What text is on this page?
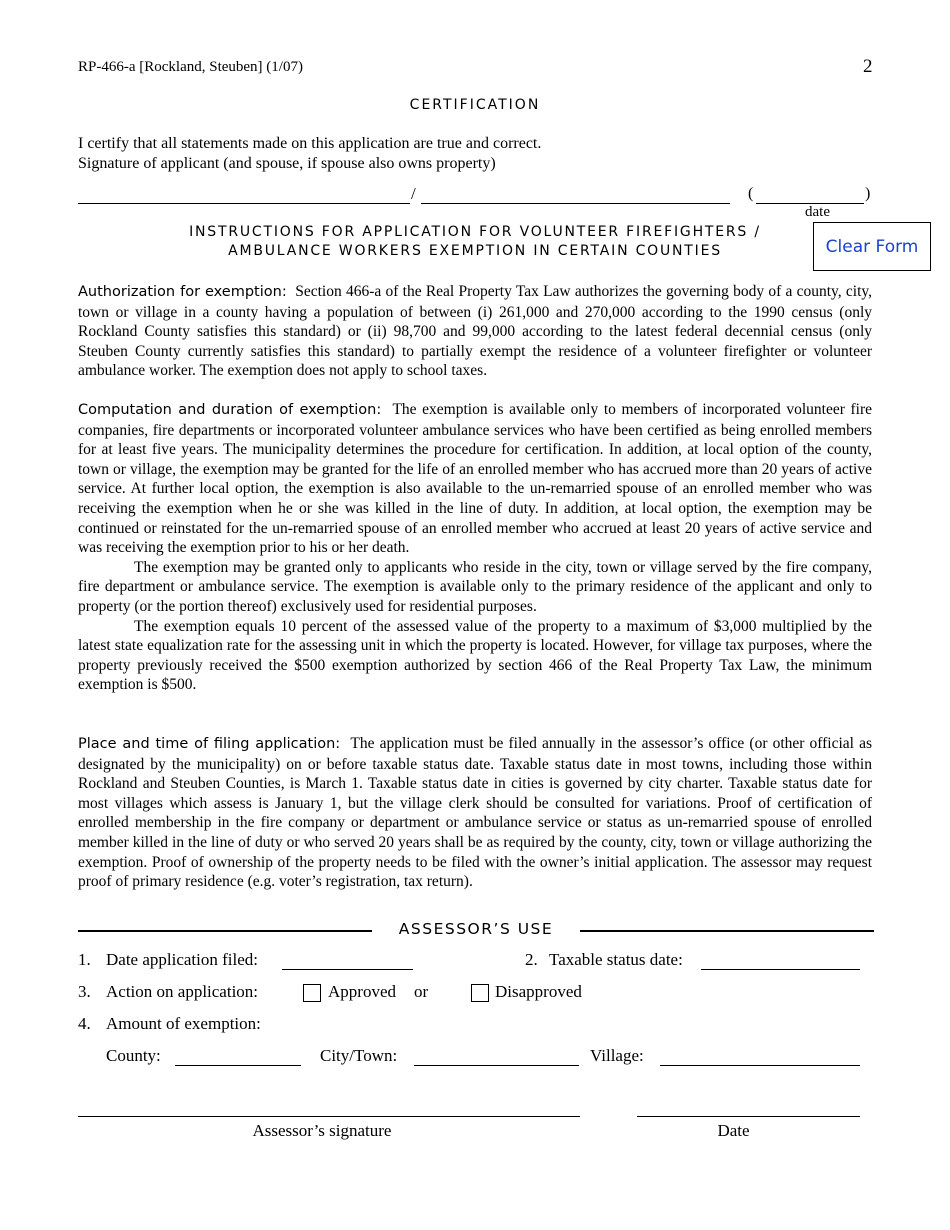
RP-466-a [Rockland, Steuben] (1/07)	2
CERTIFICATION
I certify that all statements made on this application are true and correct.
Signature of applicant (and spouse, if spouse also owns property)
/	(	)
date
INSTRUCTIONS FOR APPLICATION FOR VOLUNTEER FIREFIGHTERS /
AMBULANCE WORKERS EXEMPTION IN CERTAIN COUNTIES	Clear Form

Authorization for exemption: Section 466-a of the Real Property Tax Law authorizes the governing body of a county, city, town or village in a county having a population of between (i) 261,000 and 270,000 according to the 1990 census (only Rockland County satisfies this standard) or (ii) 98,700 and 99,000 according to the latest federal decennial census (only Steuben County currently satisfies this standard) to partially exempt the residence of a volunteer firefighter or volunteer ambulance worker. The exemption does not apply to school taxes.

Computation and duration of exemption: The exemption is available only to members of incorporated volunteer fire companies, fire departments or incorporated volunteer ambulance services who have been certified as being enrolled members for at least five years. The municipality determines the procedure for certification. In addition, at local option of the county, town or village, the exemption may be granted for the life of an enrolled member who has accrued more than 20 years of active service. At further local option, the exemption is also available to the un-remarried spouse of an enrolled member who was receiving the exemption when he or she was killed in the line of duty. In addition, at local option, the exemption may be continued or reinstated for the un-remarried spouse of an enrolled member who accrued at least 20 years of active service and was receiving the exemption prior to his or her death.

The exemption may be granted only to applicants who reside in the city, town or village served by the fire company, fire department or ambulance service. The exemption is available only to the primary residence of the applicant and only to property (or the portion thereof) exclusively used for residential purposes.

The exemption equals 10 percent of the assessed value of the property to a maximum of $3,000 multiplied by the latest state equalization rate for the assessing unit in which the property is located. However, for village tax purposes, where the property previously received the $500 exemption authorized by section 466 of the Real Property Tax Law, the minimum exemption is $500.

Place and time of filing application: The application must be filed annually in the assessor’s office (or other official as designated by the municipality) on or before taxable status date. Taxable status date in most towns, including those within Rockland and Steuben Counties, is March 1. Taxable status date in cities is governed by city charter. Taxable status date for most villages which assess is January 1, but the village clerk should be consulted for variations. Proof of certification of enrolled membership in the fire company or department or ambulance service or status as un-remarried spouse of enrolled member killed in the line of duty or who served 20 years shall be as required by the county, city, town or village authorizing the exemption. Proof of ownership of the property needs to be filed with the owner’s initial application. The assessor may request proof of primary residence (e.g. voter’s registration, tax return).

ASSESSOR’S USE
1. Date application filed:	2. Taxable status date:
3. Action on application:	Approved or	Disapproved
4. Amount of exemption:
County:	City/Town:	Village:
Assessor’s signature	Date
